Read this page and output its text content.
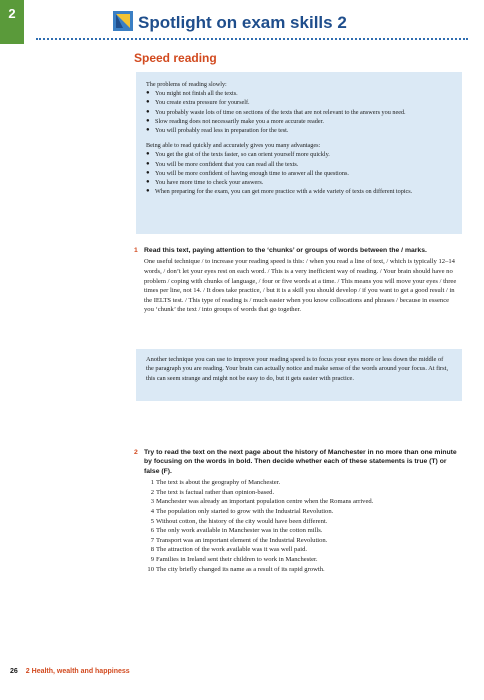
2	Spotlight on exam skills 2
Speed reading
The problems of reading slowly:
● You might not finish all the texts.
● You create extra pressure for yourself.
● You probably waste lots of time on sections of the texts that are not relevant to the answers you need.
● Slow reading does not necessarily make you a more accurate reader.
● You will probably read less in preparation for the test.
Being able to read quickly and accurately gives you many advantages:
● You get the gist of the texts faster, so can orient yourself more quickly.
● You will be more confident that you can read all the texts.
● You will be more confident of having enough time to answer all the questions.
● You have more time to check your answers.
● When preparing for the exam, you can get more practice with a wide variety of texts on different topics.
1 Read this text, paying attention to the ‘chunks’ or groups of words between the / marks.
One useful technique / to increase your reading speed is this: / when you read a line of text, / which is typically 12–14 words, / don’t let your eyes rest on each word. / This is a very inefficient way of reading. / Your brain should have no problem / coping with chunks of language, / four or five words at a time. / This means you will move your eyes / three times per line, not 14. / It does take practice, / but it is a skill you should develop / if you want to get a good result / in the IELTS test. / This type of reading is / much easier when you know collocations and phrases / because in essence you ‘chunk’ the text / into groups of words that go together.
Another technique you can use to improve your reading speed is to focus your eyes more or less down the middle of the paragraph you are reading. Your brain can actually notice and make sense of the words around your focus. At first, this can seem strange and might not be easy to do, but it gets easier with practice.
2 Try to read the text on the next page about the history of Manchester in no more than one minute by focusing on the words in bold. Then decide whether each of these statements is true (T) or false (F).
1 The text is about the geography of Manchester.
2 The text is factual rather than opinion-based.
3 Manchester was already an important population centre when the Romans arrived.
4 The population only started to grow with the Industrial Revolution.
5 Without cotton, the history of the city would have been different.
6 The only work available in Manchester was in the cotton mills.
7 Transport was an important element of the Industrial Revolution.
8 The attraction of the work available was it was well paid.
9 Families in Ireland sent their children to work in Manchester.
10 The city briefly changed its name as a result of its rapid growth.
26 2 Health, wealth and happiness
